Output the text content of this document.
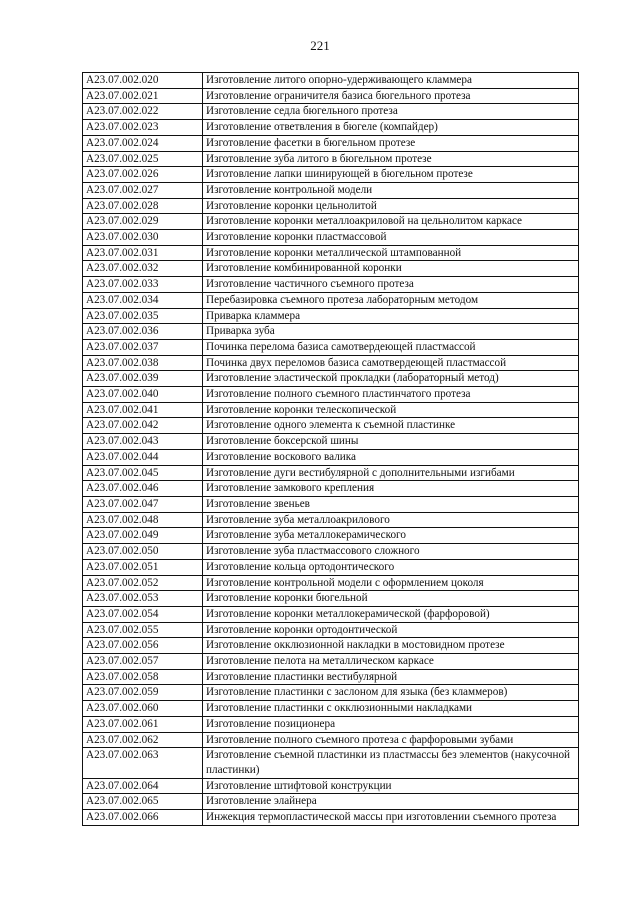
221
A23.07.002.020	Изготовление литого опорно-удерживающего кламмера
A23.07.002.021	Изготовление ограничителя базиса бюгельного протеза
A23.07.002.022	Изготовление седла бюгельного протеза
A23.07.002.023	Изготовление ответвления в бюгеле (компайдер)
A23.07.002.024	Изготовление фасетки в бюгельном протезе
A23.07.002.025	Изготовление зуба литого в бюгельном протезе
A23.07.002.026	Изготовление лапки шинирующей в бюгельном протезе
A23.07.002.027	Изготовление контрольной модели
A23.07.002.028	Изготовление коронки цельнолитой
A23.07.002.029	Изготовление коронки металлоакриловой на цельнолитом каркасе
A23.07.002.030	Изготовление коронки пластмассовой
A23.07.002.031	Изготовление коронки металлической штампованной
A23.07.002.032	Изготовление комбинированной коронки
A23.07.002.033	Изготовление частичного съемного протеза
A23.07.002.034	Перебазировка съемного протеза лабораторным методом
A23.07.002.035	Приварка кламмера
A23.07.002.036	Приварка зуба
A23.07.002.037	Починка перелома базиса самотвердеющей пластмассой
A23.07.002.038	Починка двух переломов базиса самотвердеющей пластмассой
A23.07.002.039	Изготовление эластической прокладки (лабораторный метод)
A23.07.002.040	Изготовление полного съемного пластинчатого протеза
A23.07.002.041	Изготовление коронки телескопической
A23.07.002.042	Изготовление одного элемента к съемной пластинке
A23.07.002.043	Изготовление боксерской шины
A23.07.002.044	Изготовление воскового валика
A23.07.002.045	Изготовление дуги вестибулярной с дополнительными изгибами
A23.07.002.046	Изготовление замкового крепления
A23.07.002.047	Изготовление звеньев
A23.07.002.048	Изготовление зуба металлоакрилового
A23.07.002.049	Изготовление зуба металлокерамического
A23.07.002.050	Изготовление зуба пластмассового сложного
A23.07.002.051	Изготовление кольца ортодонтического
A23.07.002.052	Изготовление контрольной модели с оформлением цоколя
A23.07.002.053	Изготовление коронки бюгельной
A23.07.002.054	Изготовление коронки металлокерамической (фарфоровой)
A23.07.002.055	Изготовление коронки ортодонтической
A23.07.002.056	Изготовление окклюзионной накладки в мостовидном протезе
A23.07.002.057	Изготовление пелота на металлическом каркасе
A23.07.002.058	Изготовление пластинки вестибулярной
A23.07.002.059	Изготовление пластинки с заслоном для языка (без кламмеров)
A23.07.002.060	Изготовление пластинки с окклюзионными накладками
A23.07.002.061	Изготовление позиционера
A23.07.002.062	Изготовление полного съемного протеза с фарфоровыми зубами
A23.07.002.063	Изготовление съемной пластинки из пластмассы без элементов (накусочной пластинки)
A23.07.002.064	Изготовление штифтовой конструкции
A23.07.002.065	Изготовление элайнера
A23.07.002.066	Инжекция термопластической массы при изготовлении съемного протеза
